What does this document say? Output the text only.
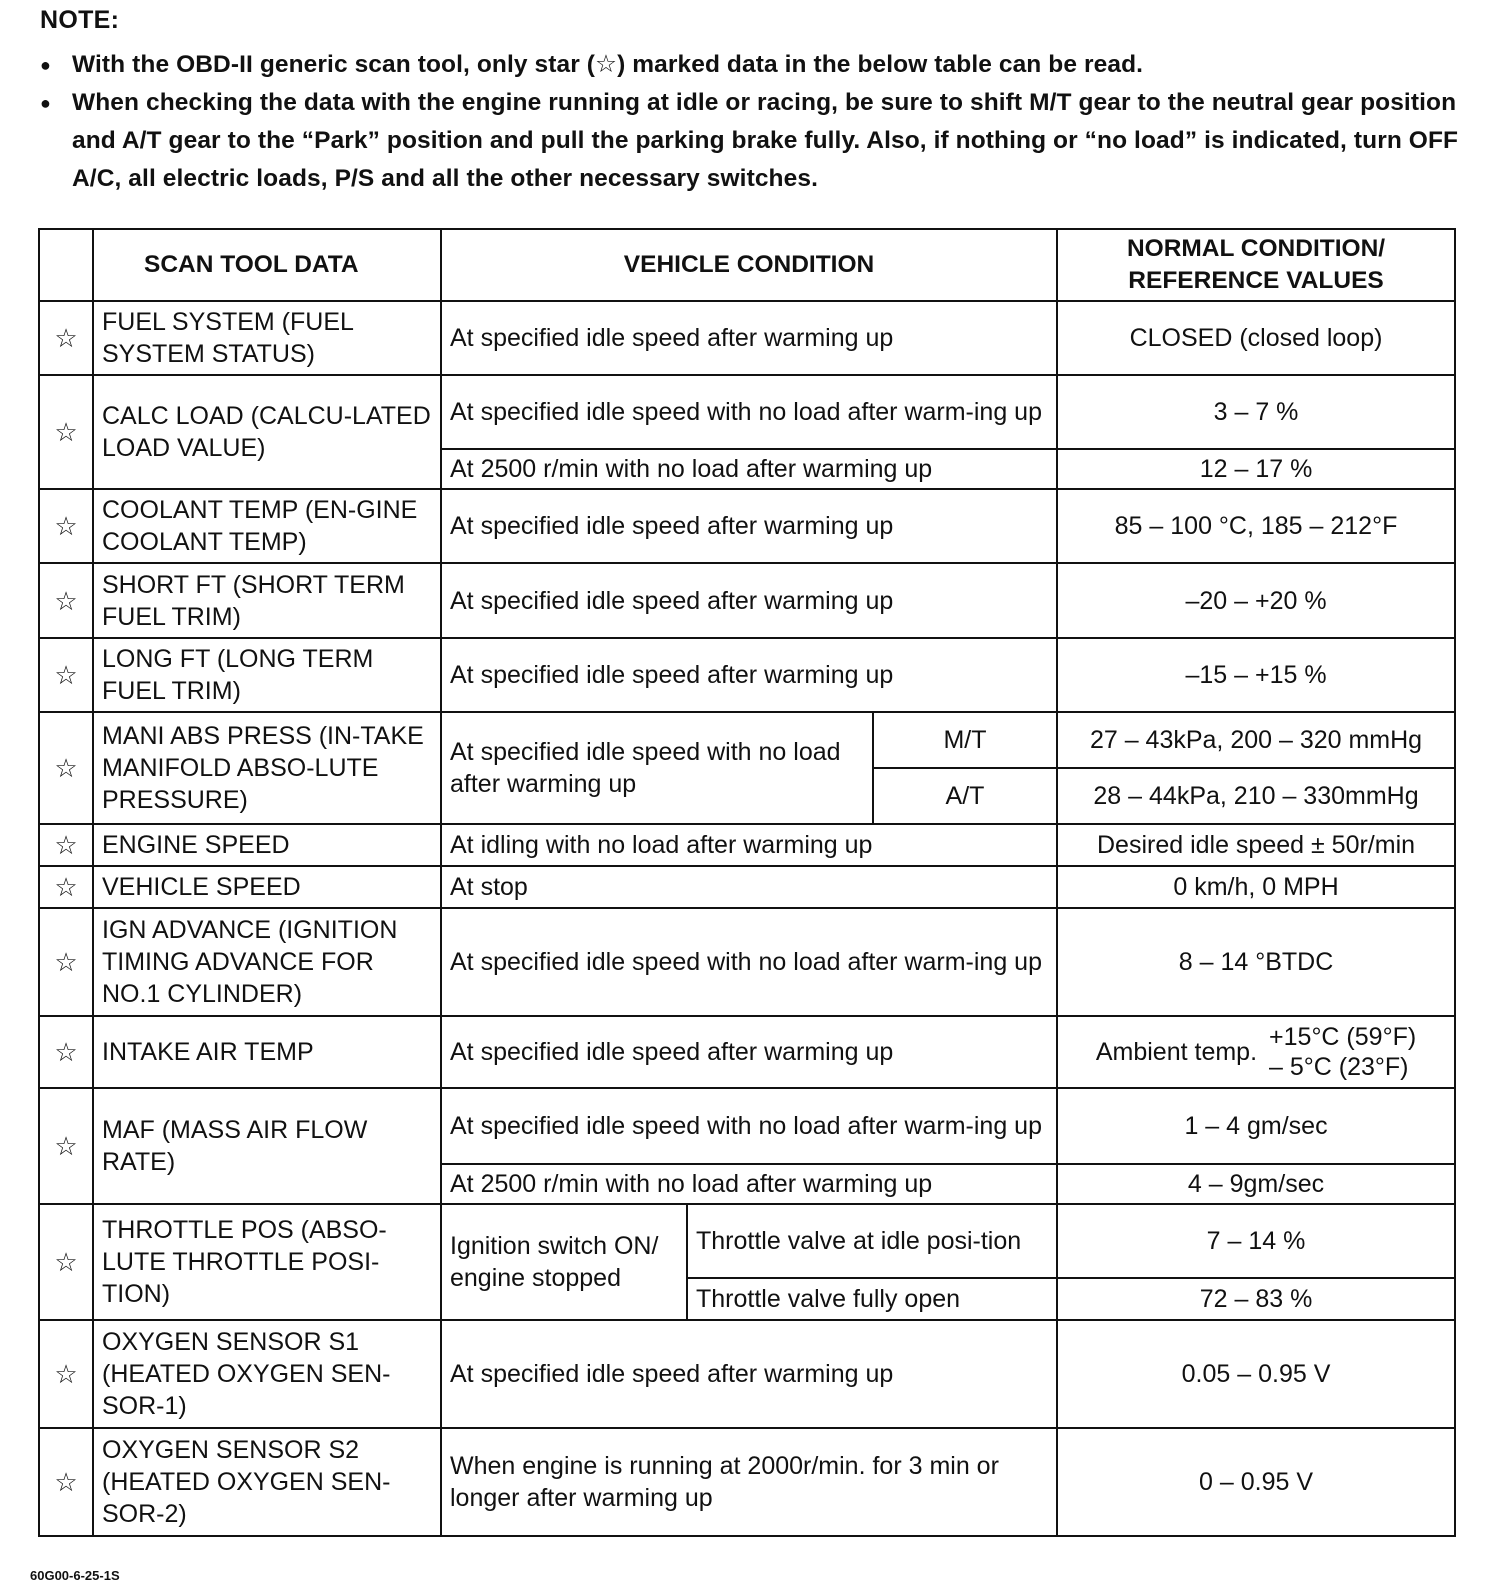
NOTE:
● With the OBD-II generic scan tool, only star (☆) marked data in the below table can be read.
● When checking the data with the engine running at idle or racing, be sure to shift M/T gear to the neutral gear position and A/T gear to the “Park” position and pull the parking brake fully. Also, if nothing or “no load” is indicated, turn OFF A/C, all electric loads, P/S and all the other necessary switches.
	SCAN TOOL DATA	VEHICLE CONDITION			NORMAL CONDITION/
REFERENCE VALUES

☆	FUEL SYSTEM (FUEL SYSTEM STATUS)	At specified idle speed after warming up			CLOSED (closed loop)
☆	CALC LOAD (CALCU-LATED LOAD VALUE)	At specified idle speed with no load after warm-ing up			3 – 7 %
		At 2500 r/min with no load after warming up			12 – 17 %
☆	COOLANT TEMP (EN-GINE COOLANT TEMP)	At specified idle speed after warming up			85 – 100 °C, 185 – 212°F
☆	SHORT FT (SHORT TERM FUEL TRIM)	At specified idle speed after warming up			–20 – +20 %
☆	LONG FT (LONG TERM FUEL TRIM)	At specified idle speed after warming up			–15 – +15 %
☆	MANI ABS PRESS (IN-TAKE MANIFOLD ABSO-LUTE PRESSURE)	At specified idle speed with no load after warming up		M/T	27 – 43kPa, 200 – 320 mmHg
				A/T	28 – 44kPa, 210 – 330mmHg
☆	ENGINE SPEED	At idling with no load after warming up			Desired idle speed ± 50r/min
☆	VEHICLE SPEED	At stop			0 km/h, 0 MPH
☆	IGN ADVANCE (IGNITION TIMING ADVANCE FOR NO.1 CYLINDER)	At specified idle speed with no load after warm-ing up			8 – 14 °BTDC
☆	INTAKE AIR TEMP	At specified idle speed after warming up			Ambient temp.
+15°C (59°F)
– 5°C (23°F)

☆	MAF (MASS AIR FLOW RATE)	At specified idle speed with no load after warm-ing up			1 – 4 gm/sec
		At 2500 r/min with no load after warming up			4 – 9gm/sec
☆	THROTTLE POS (ABSO-LUTE THROTTLE POSI-TION)	Ignition switch ON/ engine stopped	Throttle valve at idle posi-tion		7 – 14 %
			Throttle valve fully open		72 – 83 %
☆	OXYGEN SENSOR S1 (HEATED OXYGEN SEN-SOR-1)	At specified idle speed after warming up			0.05 – 0.95 V
☆	OXYGEN SENSOR S2 (HEATED OXYGEN SEN-SOR-2)	When engine is running at 2000r/min. for 3 min or longer after warming up			0 – 0.95 V
60G00-6-25-1S
